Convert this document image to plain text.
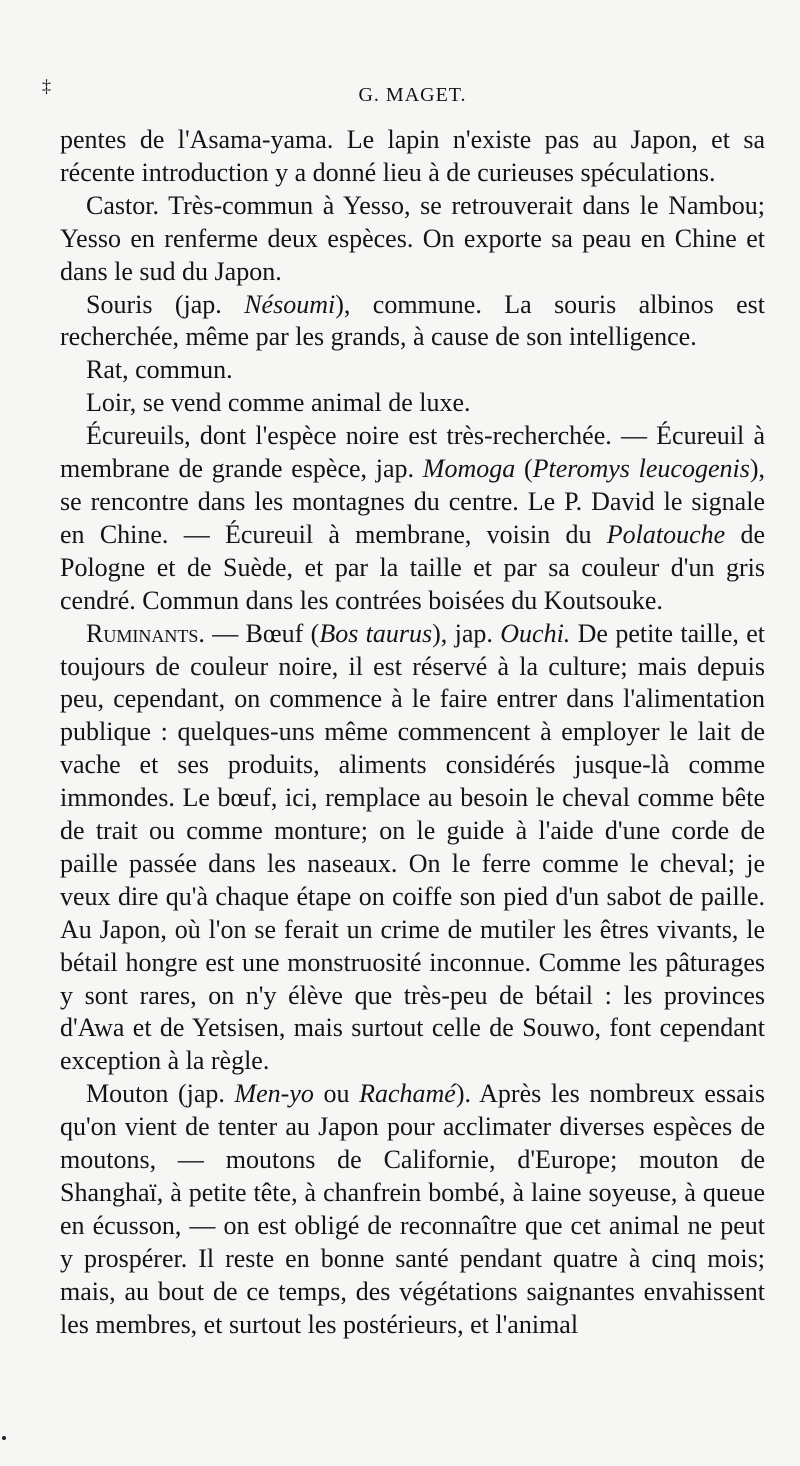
‡	G. MAGET.

pentes de l'Asama-yama. Le lapin n'existe pas au Japon, et sa récente introduction y a donné lieu à de curieuses spéculations.

Castor. Très-commun à Yesso, se retrouverait dans le Nambou; Yesso en renferme deux espèces. On exporte sa peau en Chine et dans le sud du Japon.

Souris (jap. Nésoumi), commune. La souris albinos est recherchée, même par les grands, à cause de son intelligence.

Rat, commun.

Loir, se vend comme animal de luxe.

Écureuils, dont l'espèce noire est très-recherchée. — Écureuil à membrane de grande espèce, jap. Momoga (Pteromys leucogenis), se rencontre dans les montagnes du centre. Le P. David le signale en Chine. — Écureuil à membrane, voisin du Polatouche de Pologne et de Suède, et par la taille et par sa couleur d'un gris cendré. Commun dans les contrées boisées du Koutsouke.

Ruminants. — Bœuf (Bos taurus), jap. Ouchi. De petite taille, et toujours de couleur noire, il est réservé à la culture; mais depuis peu, cependant, on commence à le faire entrer dans l'alimentation publique : quelques-uns même commencent à employer le lait de vache et ses produits, aliments considérés jusque-là comme immondes. Le bœuf, ici, remplace au besoin le cheval comme bête de trait ou comme monture; on le guide à l'aide d'une corde de paille passée dans les naseaux. On le ferre comme le cheval; je veux dire qu'à chaque étape on coiffe son pied d'un sabot de paille. Au Japon, où l'on se ferait un crime de mutiler les êtres vivants, le bétail hongre est une monstruosité inconnue. Comme les pâturages y sont rares, on n'y élève que très-peu de bétail : les provinces d'Awa et de Yetsisen, mais surtout celle de Souwo, font cependant exception à la règle.

Mouton (jap. Men-yo ou Rachamé). Après les nombreux essais qu'on vient de tenter au Japon pour acclimater diverses espèces de moutons, — moutons de Californie, d'Europe; mouton de Shanghaï, à petite tête, à chanfrein bombé, à laine soyeuse, à queue en écusson, — on est obligé de reconnaître que cet animal ne peut y prospérer. Il reste en bonne santé pendant quatre à cinq mois; mais, au bout de ce temps, des végétations saignantes envahissent les membres, et surtout les postérieurs, et l'animal
